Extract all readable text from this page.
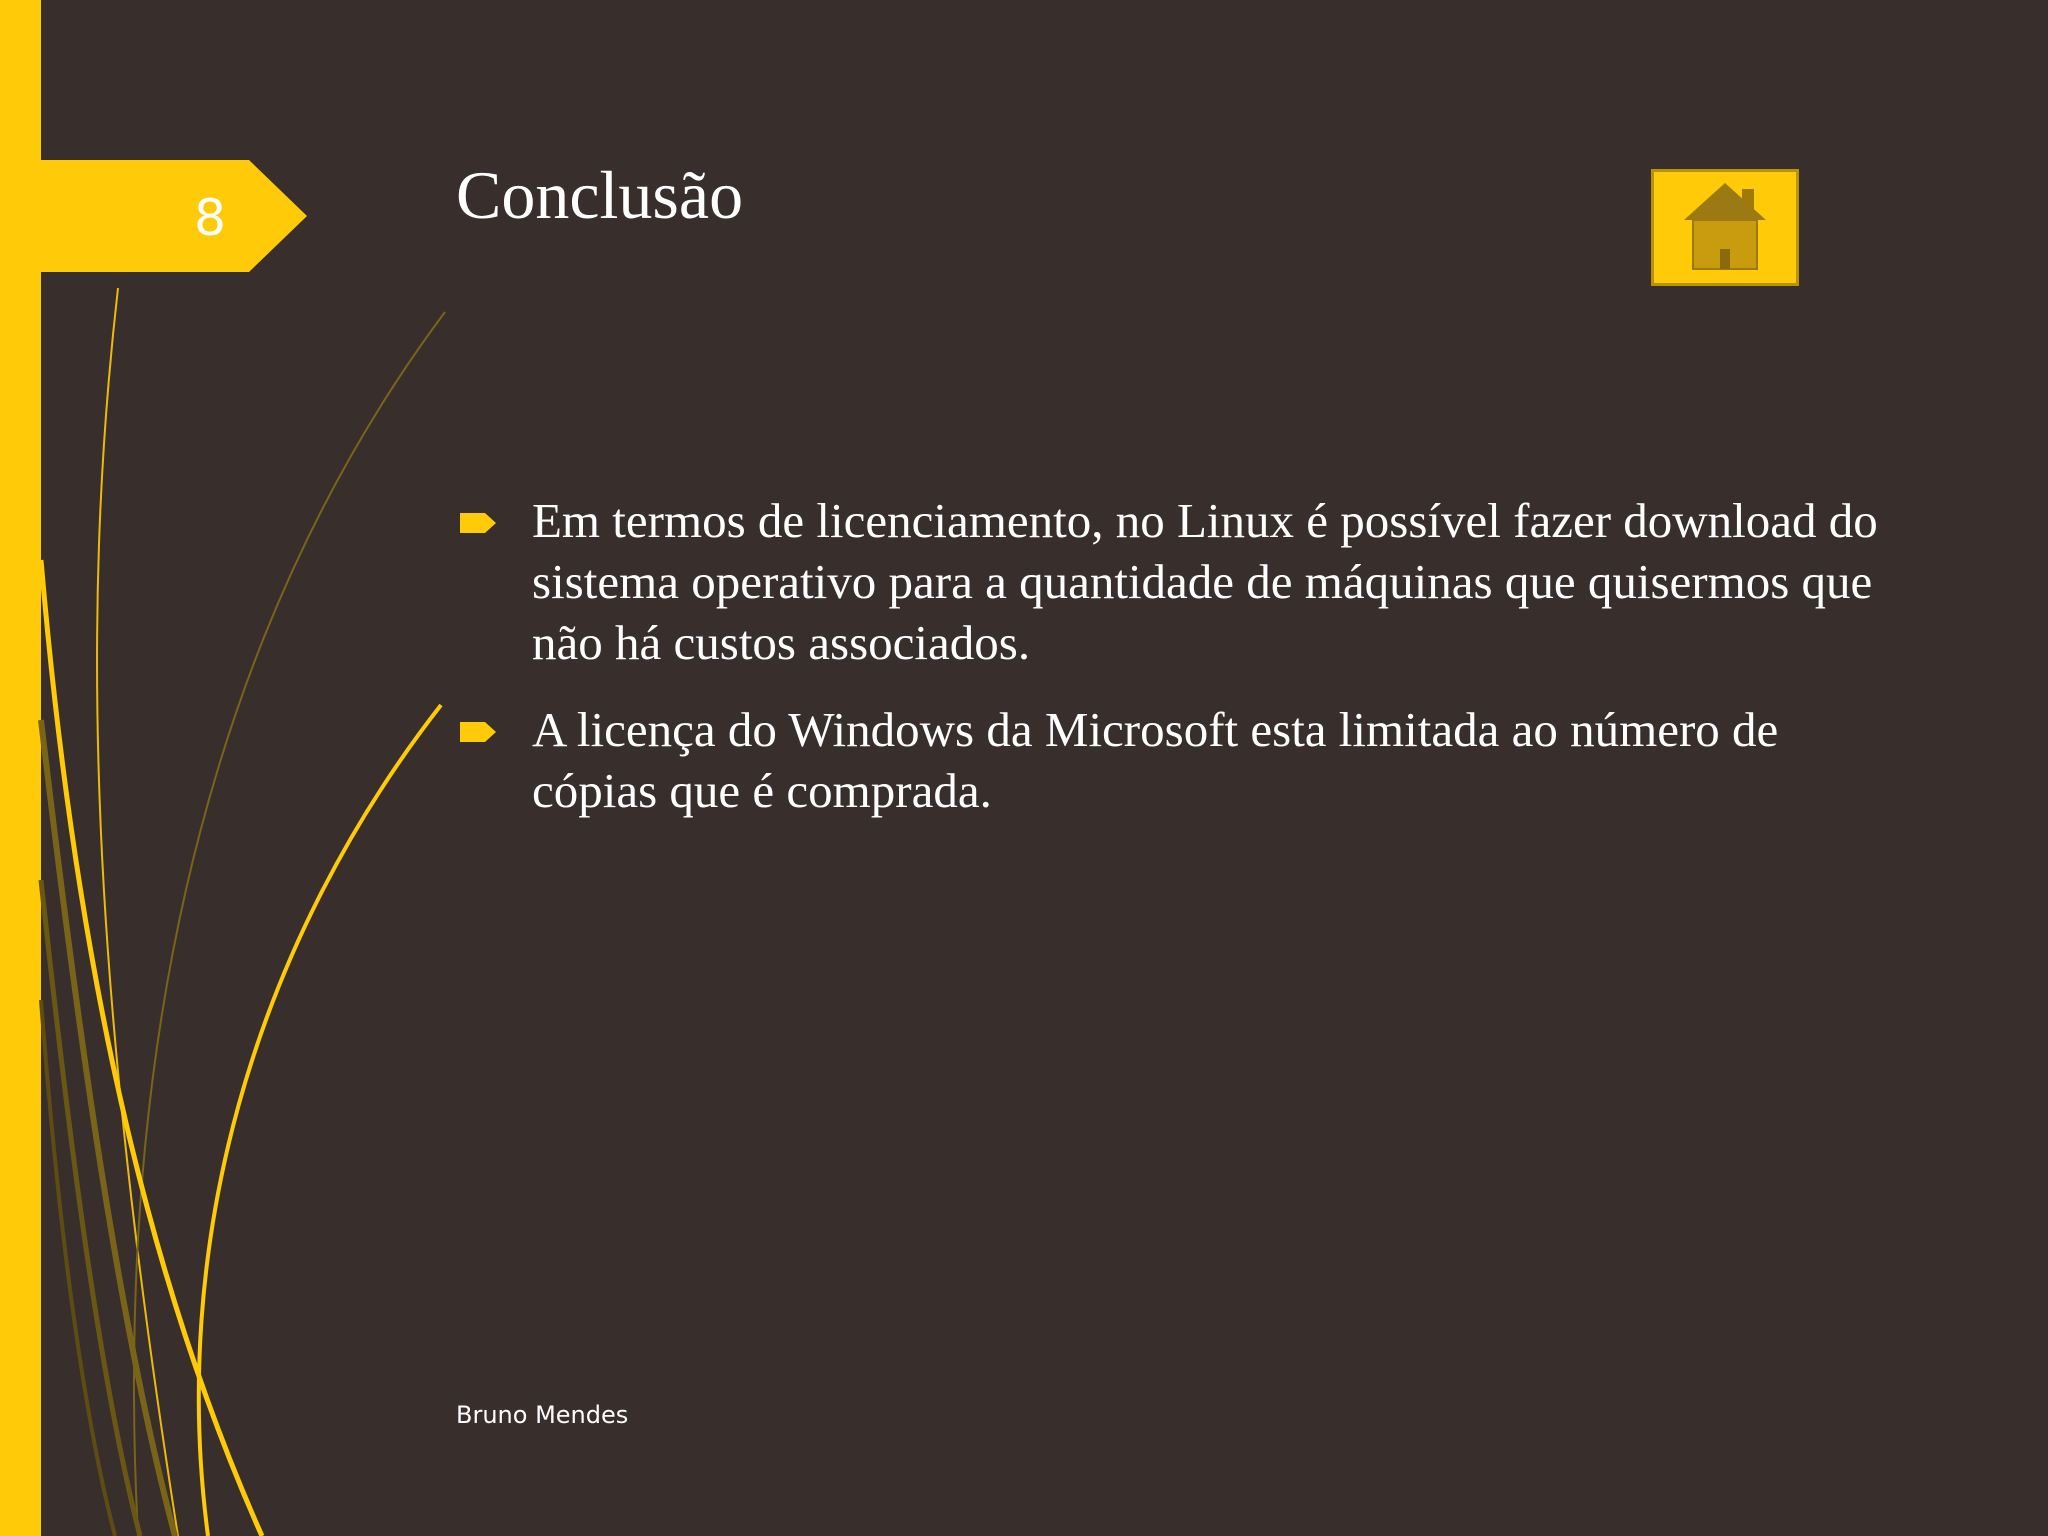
8	Conclusão
Em termos de licenciamento, no Linux é possível fazer download do sistema operativo para a quantidade de máquinas que quisermos que não há custos associados.
A licença do Windows da Microsoft esta limitada ao número de cópias que é comprada.
Bruno Mendes
